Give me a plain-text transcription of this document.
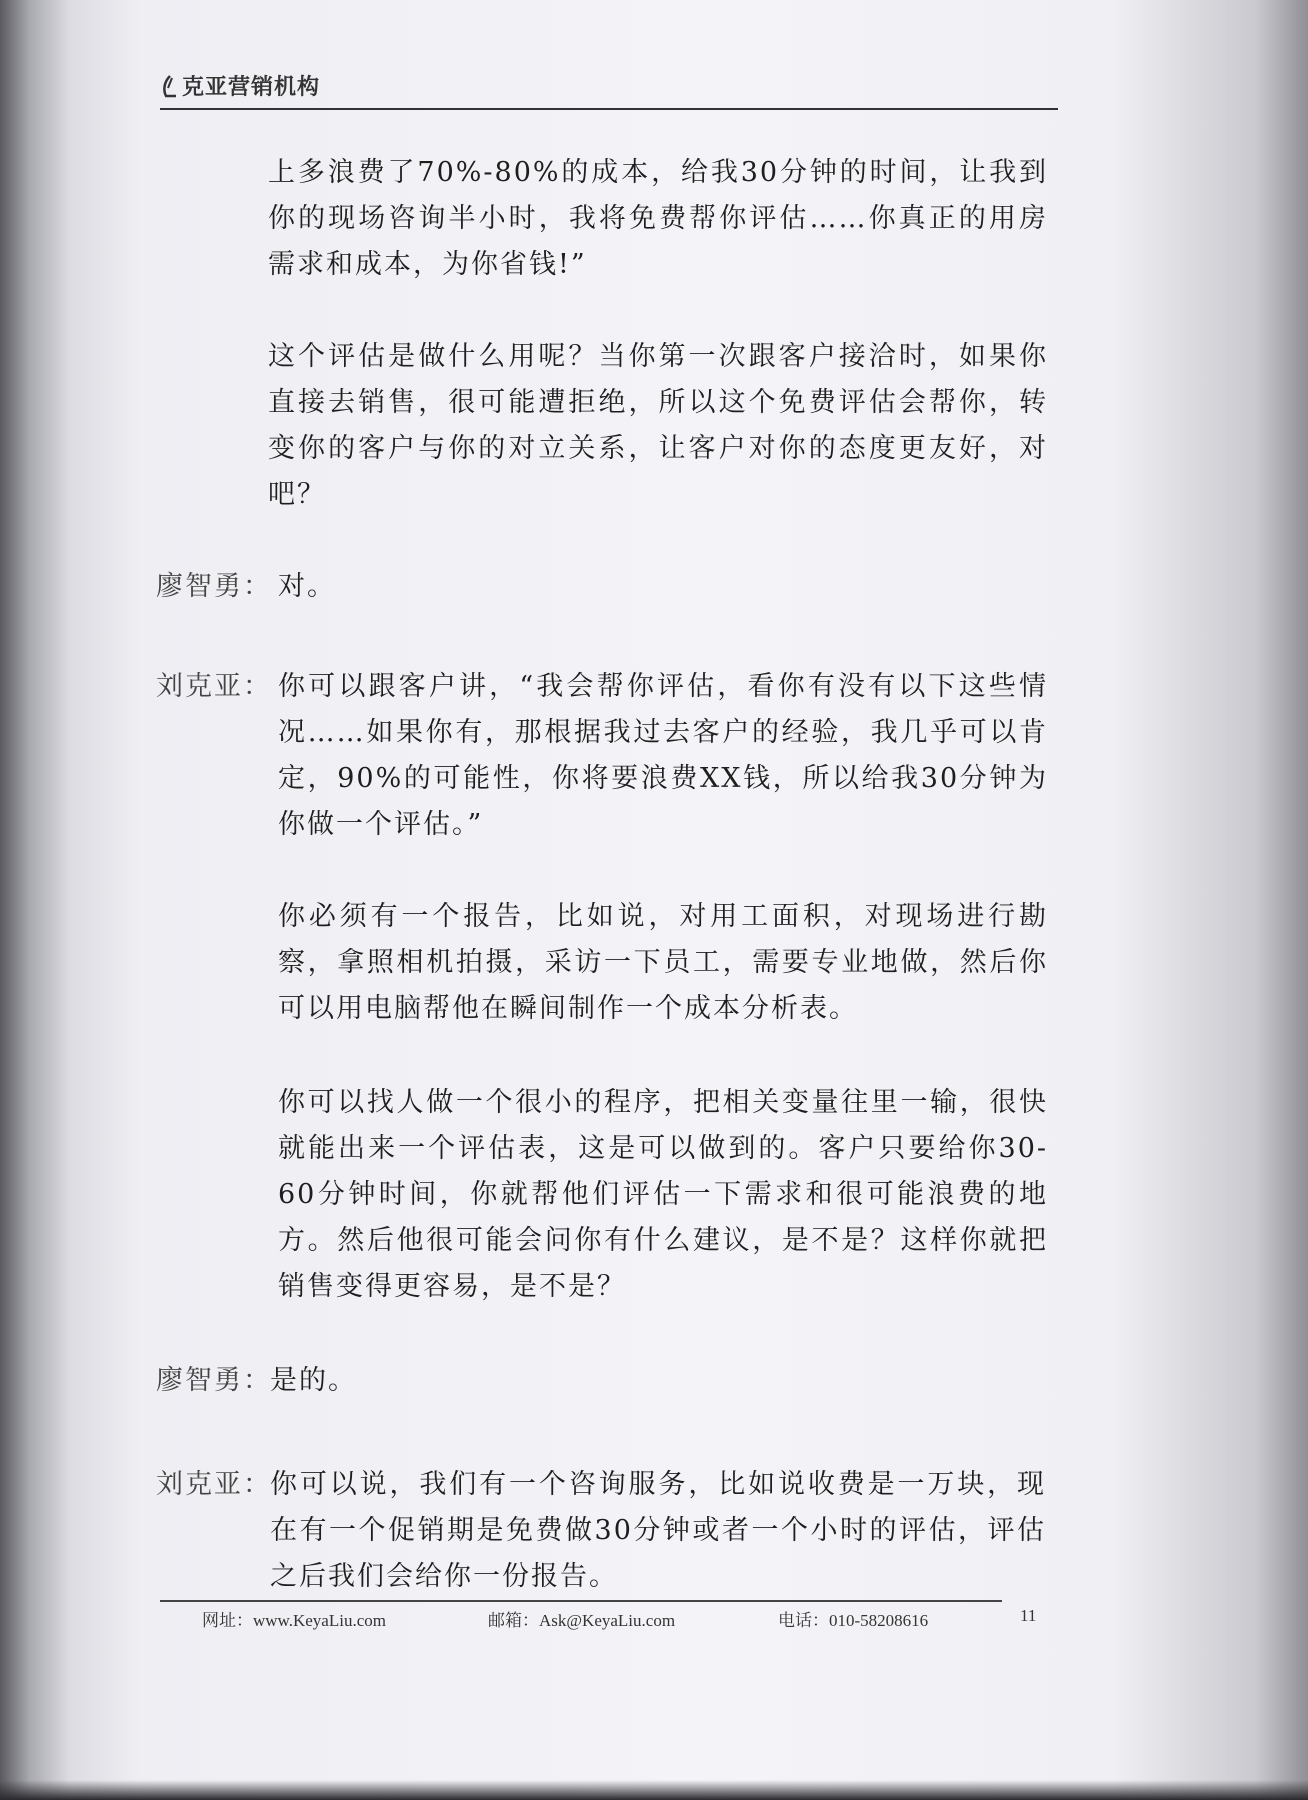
克亚营销机构
上多浪费了70%-80%的成本，给我30分钟的时间，让我到你的现场咨询半小时，我将免费帮你评估……你真正的用房需求和成本，为你省钱!”
这个评估是做什么用呢？当你第一次跟客户接洽时，如果你直接去销售，很可能遭拒绝，所以这个免费评估会帮你，转变你的客户与你的对立关系，让客户对你的态度更友好，对吧？
廖智勇： 对。
刘克亚： 你可以跟客户讲，“我会帮你评估，看你有没有以下这些情况……如果你有，那根据我过去客户的经验，我几乎可以肯定，90%的可能性，你将要浪费XX钱，所以给我30分钟为你做一个评估。”
你必须有一个报告，比如说，对用工面积，对现场进行勘察，拿照相机拍摄，采访一下员工，需要专业地做，然后你可以用电脑帮他在瞬间制作一个成本分析表。
你可以找人做一个很小的程序，把相关变量往里一输，很快就能出来一个评估表，这是可以做到的。客户只要给你30-60分钟时间，你就帮他们评估一下需求和很可能浪费的地方。然后他很可能会问你有什么建议，是不是？这样你就把销售变得更容易，是不是？
廖智勇：
是的。
刘克亚：
你可以说，我们有一个咨询服务，比如说收费是一万块，现在有一个促销期是免费做30分钟或者一个小时的评估，评估之后我们会给你一份报告。
网址：www.KeyaLiu.com	邮箱：Ask@KeyaLiu.com	电话：010-58208616	11
